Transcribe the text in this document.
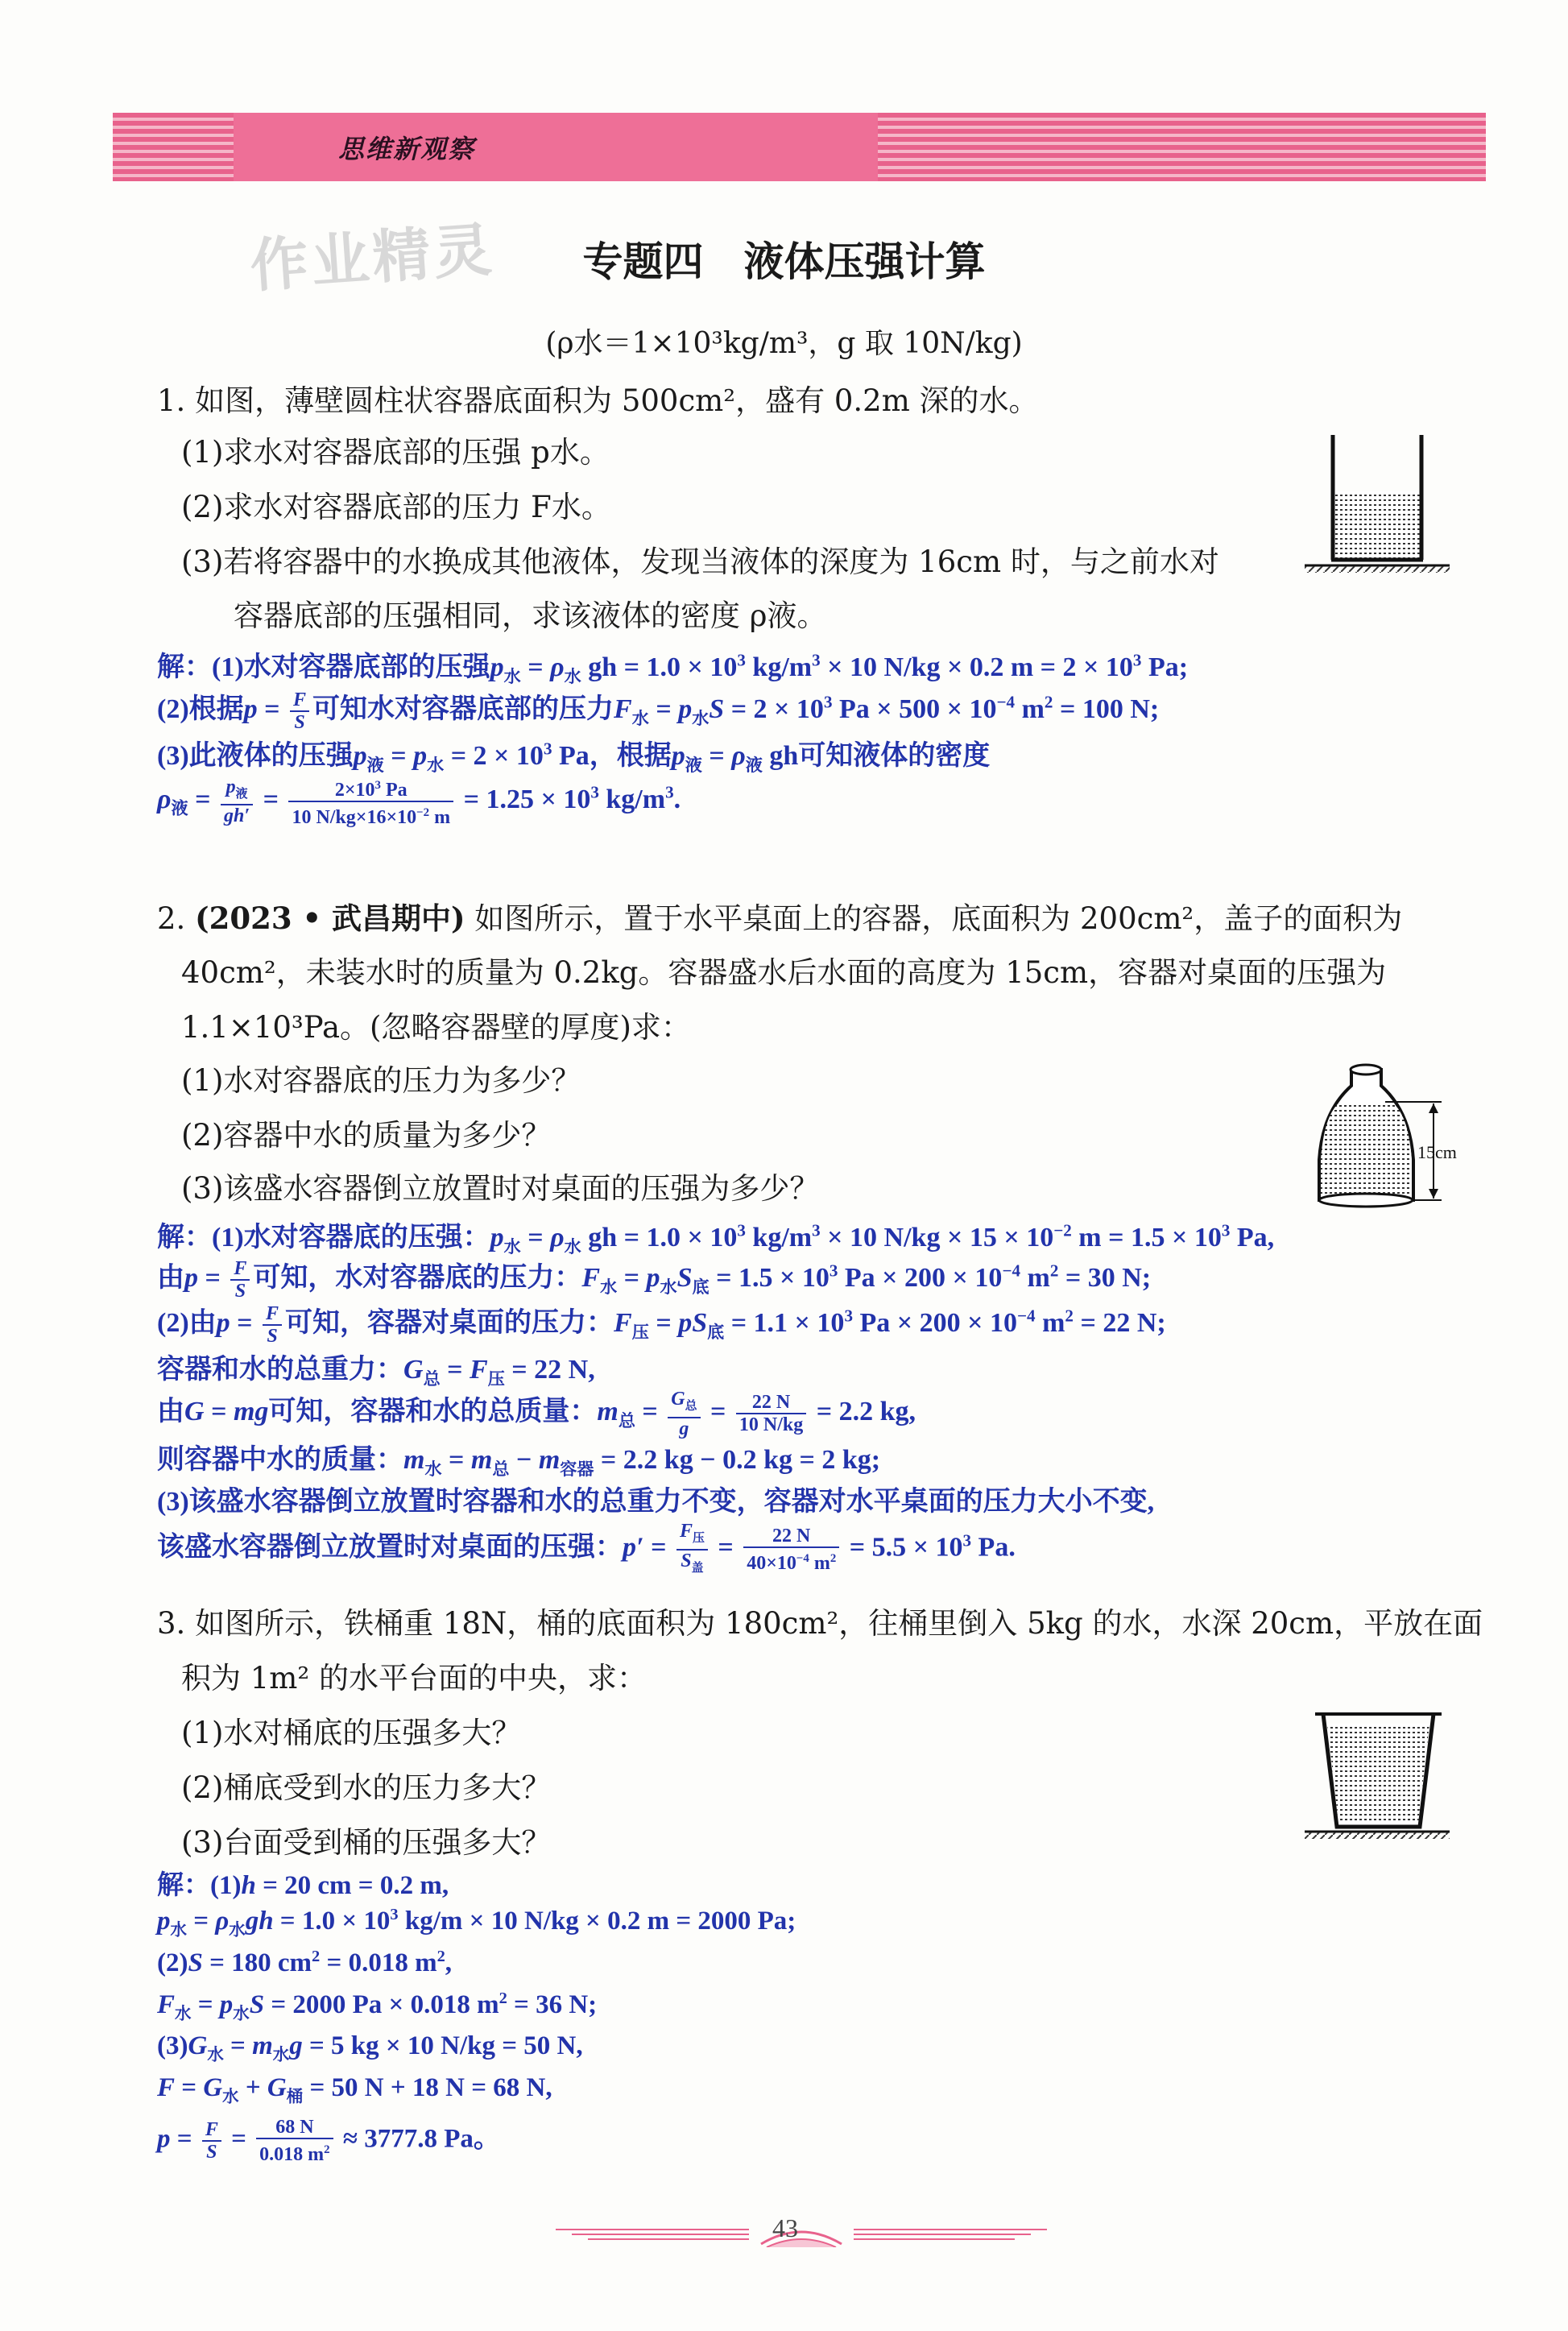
思维新观察
作业精灵	专题四　液体压强计算
(ρ水＝1×10³kg/m³，g 取 10N/kg)
1. 如图，薄壁圆柱状容器底面积为 500cm²，盛有 0.2m 深的水。
(1)求水对容器底部的压强 p水。
(2)求水对容器底部的压力 F水。
(3)若将容器中的水换成其他液体，发现当液体的深度为 16cm 时，与之前水对
容器底部的压强相同，求该液体的密度 ρ液。
解：(1)水对容器底部的压强$p_水 = \rho_水$ gh = $1.0 \times 10^3$ $kg/m^3 \times 10$ N/kg × 0.2 $m = 2 \times 10^3$ Pa;
(2)根据$p = \frac{F}{S}$ 可知水对容器底部的压力$F_水 = p_水S = 2 \times 10^3$ $Pa \times 500 \times 10^{-4}$ $m^2 = 100$ N;
(3)此液体的压强$p_液 = p_水 = 2 \times 10^3$ Pa，根据$p_液 = \rho_液$ gh可知液体的密度
$\rho_液 = \frac{p_液}{gh'} = \frac{2\times 10^3 Pa}{10 N/kg\times 16\times 10^{-2} m} = 1.25 \times 10^3$ $kg/m^3$.
2. (2023 • 武昌期中) 如图所示，置于水平桌面上的容器，底面积为 200cm²，盖子的面积为
40cm²，未装水时的质量为 0.2kg。容器盛水后水面的高度为 15cm，容器对桌面的压强为
1.1×10³Pa。(忽略容器壁的厚度)求：
(1)水对容器底的压力为多少？
(2)容器中水的质量为多少？
(3)该盛水容器倒立放置时对桌面的压强为多少？
15cm
解：(1)水对容器底的压强：$p_水 = \rho_水$ gh = $1.0 \times 10^3$ $kg/m^3 \times 10$ $N/kg \times 15 \times 10^{-2}$ $m = 1.5 \times 10^3$ Pa,
由$p = \frac{F}{S}$ 可知，水对容器底的压力：$F_水 = p_水S_底 = 1.5 \times 10^3$ $Pa \times 200 \times 10^{-4}$ $m^2 = 30$ N;
(2)由$p = \frac{F}{S}$ 可知，容器对桌面的压力：$F_压 = pS_底 = 1.1 \times 10^3$ $Pa \times 200 \times 10^{-4}$ $m^2 = 22$ N;
容器和水的总重力：$G_总 = F_压 = 22$ N,
由G = mg可知，容器和水的总质量：$m_总 = \frac{G_总}{g} = \frac{22 N}{10 N/kg} = 2.2$ kg,
则容器中水的质量：$m_水 = m_总 - m_{容器} = 2.2$ kg − 0.2 kg = 2 kg;
(3)该盛水容器倒立放置时容器和水的总重力不变，容器对水平桌面的压力大小不变,
该盛水容器倒立放置时对桌面的压强：$p' = \frac{F_压}{S_盖} = \frac{22 N}{40\times 10^{-4} m^2} = 5.5 \times 10^3$ Pa.
3. 如图所示，铁桶重 18N，桶的底面积为 180cm²，往桶里倒入 5kg 的水，水深 20cm，平放在面
积为 1m² 的水平台面的中央，求：
(1)水对桶底的压强多大？
(2)桶底受到水的压力多大？
(3)台面受到桶的压强多大？
解：(1)h = 20 cm = 0.2 m,
$p_水 = \rho_水gh = 1.0 \times 10^3$ kg/m × 10 N/kg × 0.2 m = 2000 Pa;
(2)S = 180 $cm^2 = 0.018$ $m^2$,
$F_水 = p_水S = 2000$ Pa × 0.018 $m^2 = 36$ N;
$(3)G_水 = m_水g = 5$ kg × 10 N/kg = 50 N,
$F = G_水 + G_桶 = 50$ N + 18 N = 68 N,
$p = \frac{F}{S} = \frac{68 N}{0.018 m^2} \approx 3777.8$ Pa。
43
